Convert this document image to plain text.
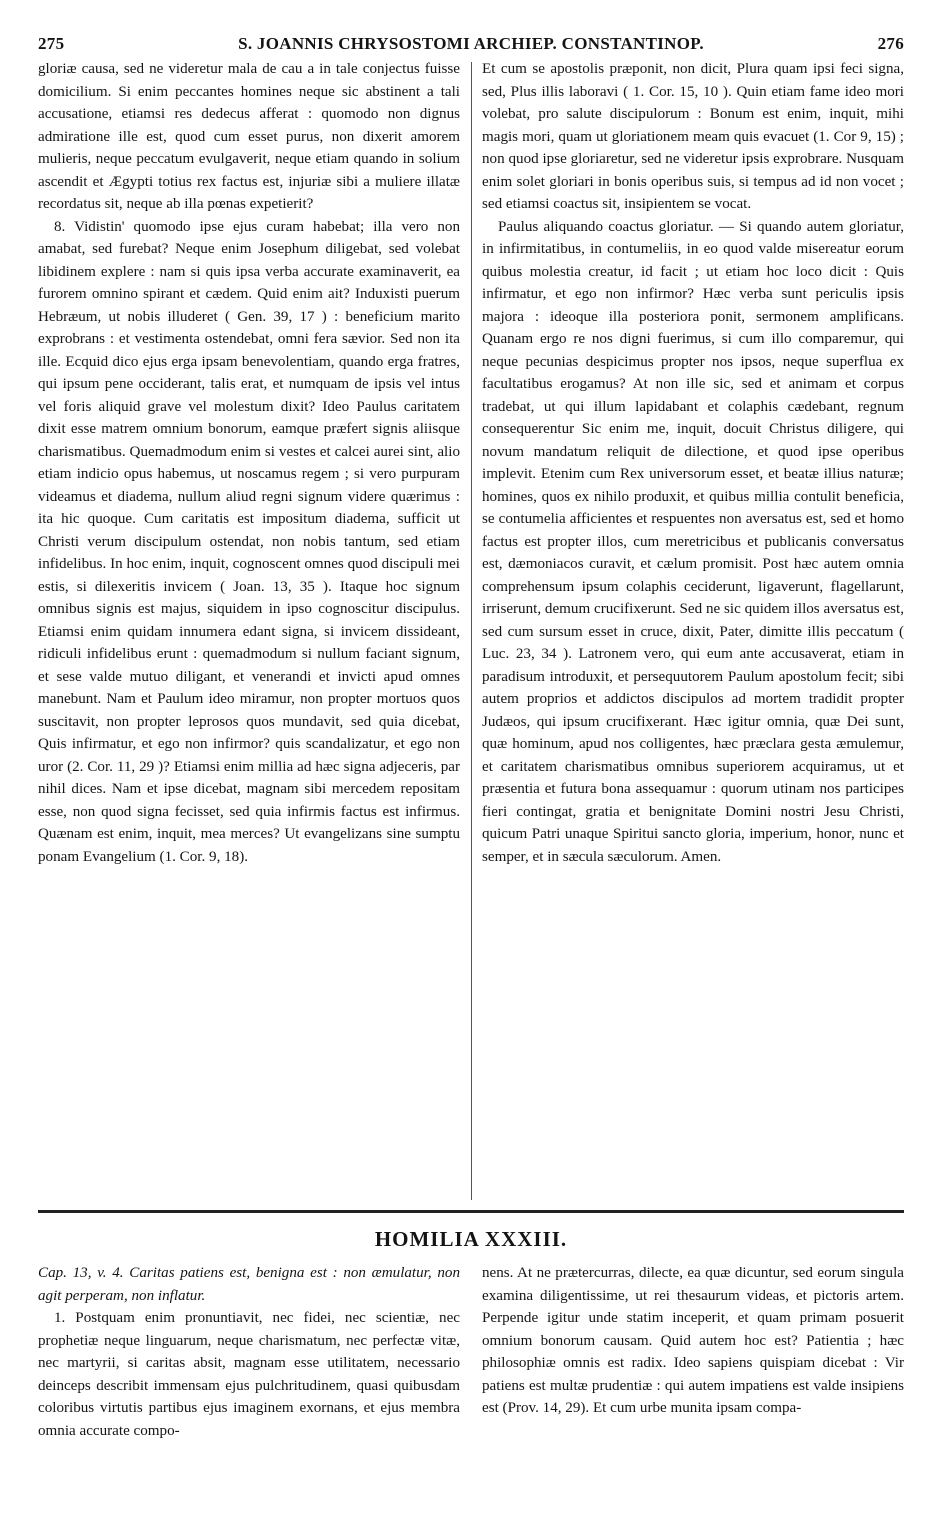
275	S. JOANNIS CHRYSOSTOMI ARCHIEP. CONSTANTINOP.	276

gloriæ causa, sed ne videretur mala de cau a in tale conjectus fuisse domicilium. Si enim peccantes homines neque sic abstinent a tali accusatione, etiamsi res dedecus afferat : quomodo non dignus admiratione ille est, quod cum esset purus, non dixerit amorem mulieris, neque peccatum evulgaverit, neque etiam quando in solium ascendit et Ægypti totius rex factus est, injuriæ sibi a muliere illatæ recordatus sit, neque ab illa pœnas expetierit?

8. Vidistin' quomodo ipse ejus curam habebat; illa vero non amabat, sed furebat? Neque enim Josephum diligebat, sed volebat libidinem explere : nam si quis ipsa verba accurate examinaverit, ea furorem omnino spirant et cædem. Quid enim ait? Induxisti puerum Hebræum, ut nobis illuderet ( Gen. 39, 17 ) : beneficium marito exprobrans : et vestimenta ostendebat, omni fera sævior. Sed non ita ille. Ecquid dico ejus erga ipsam benevolentiam, quando erga fratres, qui ipsum pene occiderant, talis erat, et numquam de ipsis vel intus vel foris aliquid grave vel molestum dixit? Ideo Paulus caritatem dixit esse matrem omnium bonorum, eamque præfert signis aliisque charismatibus. Quemadmodum enim si vestes et calcei aurei sint, alio etiam indicio opus habemus, ut noscamus regem ; si vero purpuram videamus et diadema, nullum aliud regni signum videre quærimus : ita hic quoque. Cum caritatis est impositum diadema, sufficit ut Christi verum discipulum ostendat, non nobis tantum, sed etiam infidelibus. In hoc enim, inquit, cognoscent omnes quod discipuli mei estis, si dilexeritis invicem ( Joan. 13, 35 ). Itaque hoc signum omnibus signis est majus, siquidem in ipso cognoscitur discipulus. Etiamsi enim quidam innumera edant signa, si invicem dissideant, ridiculi infidelibus erunt : quemadmodum si nullum faciant signum, et sese valde mutuo diligant, et venerandi et invicti apud omnes manebunt. Nam et Paulum ideo miramur, non propter mortuos quos suscitavit, non propter leprosos quos mundavit, sed quia dicebat, Quis infirmatur, et ego non infirmor? quis scandalizatur, et ego non uror (2. Cor. 11, 29 )? Etiamsi enim millia ad hæc signa adjeceris, par nihil dices. Nam et ipse dicebat, magnam sibi mercedem repositam esse, non quod signa fecisset, sed quia infirmis factus est infirmus. Quænam est enim, inquit, mea merces? Ut evangelizans sine sumptu ponam Evangelium (1. Cor. 9, 18).

Et cum se apostolis præponit, non dicit, Plura quam ipsi feci signa, sed, Plus illis laboravi ( 1. Cor. 15, 10 ). Quin etiam fame ideo mori volebat, pro salute discipulorum : Bonum est enim, inquit, mihi magis mori, quam ut gloriationem meam quis evacuet (1. Cor 9, 15) ; non quod ipse gloriaretur, sed ne videretur ipsis exprobrare. Nusquam enim solet gloriari in bonis operibus suis, si tempus ad id non vocet ; sed etiamsi coactus sit, insipientem se vocat.

Paulus aliquando coactus gloriatur. — Si quando autem gloriatur, in infirmitatibus, in contumeliis, in eo quod valde misereatur eorum quibus molestia creatur, id facit ; ut etiam hoc loco dicit : Quis infirmatur, et ego non infirmor? Hæc verba sunt periculis ipsis majora : ideoque illa posteriora ponit, sermonem amplificans. Quanam ergo re nos digni fuerimus, si cum illo comparemur, qui neque pecunias despicimus propter nos ipsos, neque superflua ex facultatibus erogamus? At non ille sic, sed et animam et corpus tradebat, ut qui illum lapidabant et colaphis cædebant, regnum consequerentur Sic enim me, inquit, docuit Christus diligere, qui novum mandatum reliquit de dilectione, et quod ipse operibus implevit. Etenim cum Rex universorum esset, et beatæ illius naturæ; homines, quos ex nihilo produxit, et quibus millia contulit beneficia, se contumelia afficientes et respuentes non aversatus est, sed et homo factus est propter illos, cum meretricibus et publicanis conversatus est, dæmoniacos curavit, et cælum promisit. Post hæc autem omnia comprehensum ipsum colaphis ceciderunt, ligaverunt, flagellarunt, irriserunt, demum crucifixerunt. Sed ne sic quidem illos aversatus est, sed cum sursum esset in cruce, dixit, Pater, dimitte illis peccatum ( Luc. 23, 34 ). Latronem vero, qui eum ante accusaverat, etiam in paradisum introduxit, et persequutorem Paulum apostolum fecit; sibi autem proprios et addictos discipulos ad mortem tradidit propter Judæos, qui ipsum crucifixerant. Hæc igitur omnia, quæ Dei sunt, quæ hominum, apud nos colligentes, hæc præclara gesta æmulemur, et caritatem charismatibus omnibus superiorem acquiramus, ut et præsentia et futura bona assequamur : quorum utinam nos participes fieri contingat, gratia et benignitate Domini nostri Jesu Christi, quicum Patri unaque Spiritui sancto gloria, imperium, honor, nunc et semper, et in sæcula sæculorum. Amen.

HOMILIA XXXIII.

Cap. 13, v. 4. Caritas patiens est, benigna est : non æmulatur, non agit perperam, non inflatur.

1. Postquam enim pronuntiavit, nec fidei, nec scientiæ, nec prophetiæ neque linguarum, neque charismatum, nec perfectæ vitæ, nec martyrii, si caritas absit, magnam esse utilitatem, necessario deinceps describit immensam ejus pulchritudinem, quasi quibusdam coloribus virtutis partibus ejus imaginem exornans, et ejus membra omnia accurate compo-

nens. At ne prætercurras, dilecte, ea quæ dicuntur, sed eorum singula examina diligentissime, ut rei thesaurum videas, et pictoris artem. Perpende igitur unde statim inceperit, et quam primam posuerit omnium bonorum causam. Quid autem hoc est? Patientia ; hæc philosophiæ omnis est radix. Ideo sapiens quispiam dicebat : Vir patiens est multæ prudentiæ : qui autem impatiens est valde insipiens est (Prov. 14, 29). Et cum urbe munita ipsam compa-
